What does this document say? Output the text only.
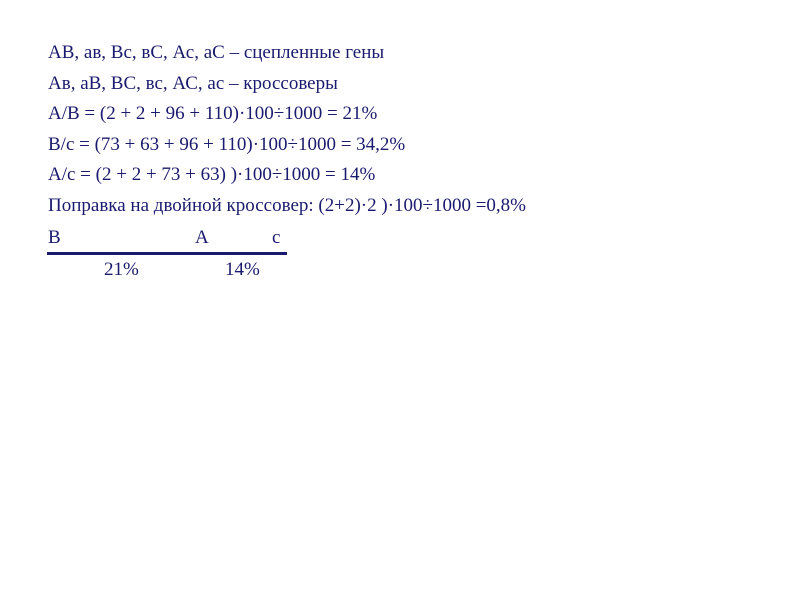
АВ, ав, Вс, вС, Ас, аС – сцепленные гены
Ав, аВ, ВС, вс, АС, ас – кроссоверы
А/В = (2 + 2 + 96 + 110)·100÷1000 = 21%
В/с = (73 + 63 + 96 + 110)·100÷1000 = 34,2%
А/с = (2 + 2 + 73 + 63) )·100÷1000 = 14%
Поправка на двойной кроссовер: (2+2)·2 )·100÷1000 =0,8%
В	А	с
21%	14%
